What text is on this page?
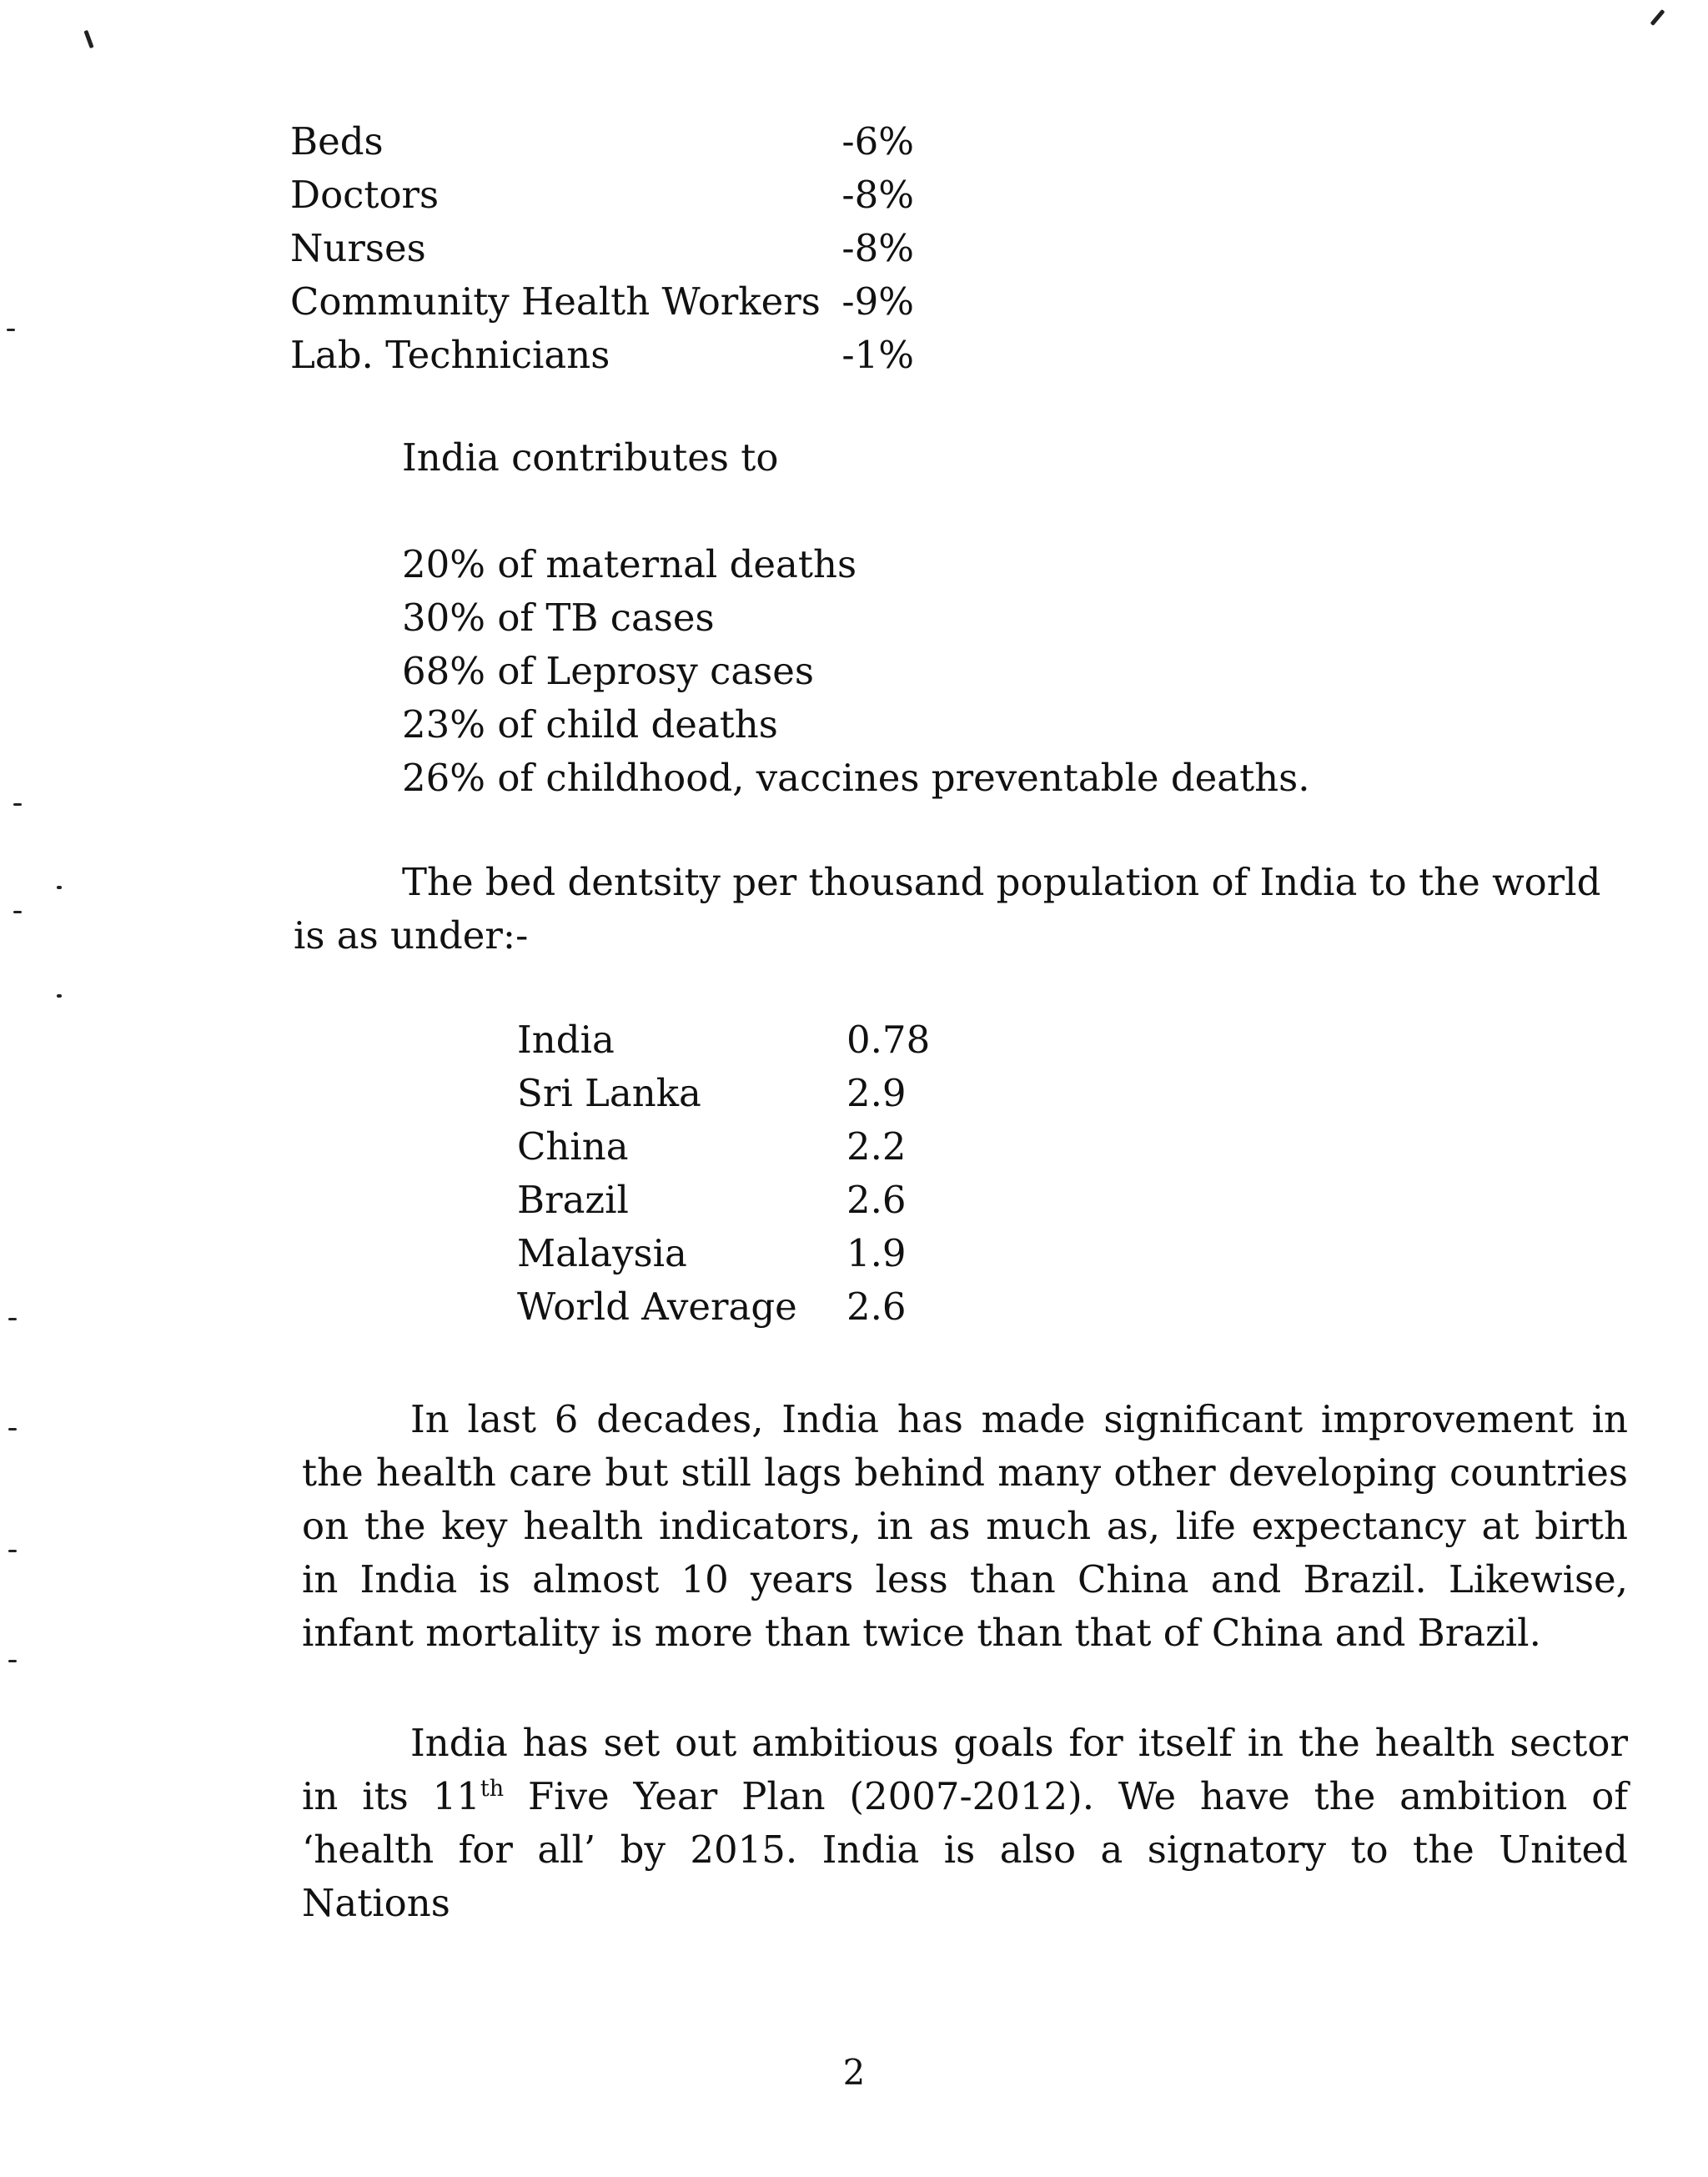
Beds	-6%
Doctors	-8%
Nurses	-8%
Community Health Workers -9%
Lab. Technicians	-1%
India contributes to
20% of maternal deaths
30% of TB cases
68% of Leprosy cases
23% of child deaths
26% of childhood, vaccines preventable deaths.
The bed dentsity per thousand population of India to the world
is as under:-
India	0.78
Sri Lanka	2.9
China	2.2
Brazil	2.6
Malaysia	1.9
World Average 2.6
In last 6 decades, India has made significant improvement in the health care but still lags behind many other developing countries on the key health indicators, in as much as, life expectancy at birth in India is almost 10 years less than China and Brazil. Likewise, infant mortality is more than twice than that of China and Brazil.
India has set out ambitious goals for itself in the health sector in its 11th Five Year Plan (2007-2012). We have the ambition of ‘health for all’ by 2015. India is also a signatory to the United Nations
2
